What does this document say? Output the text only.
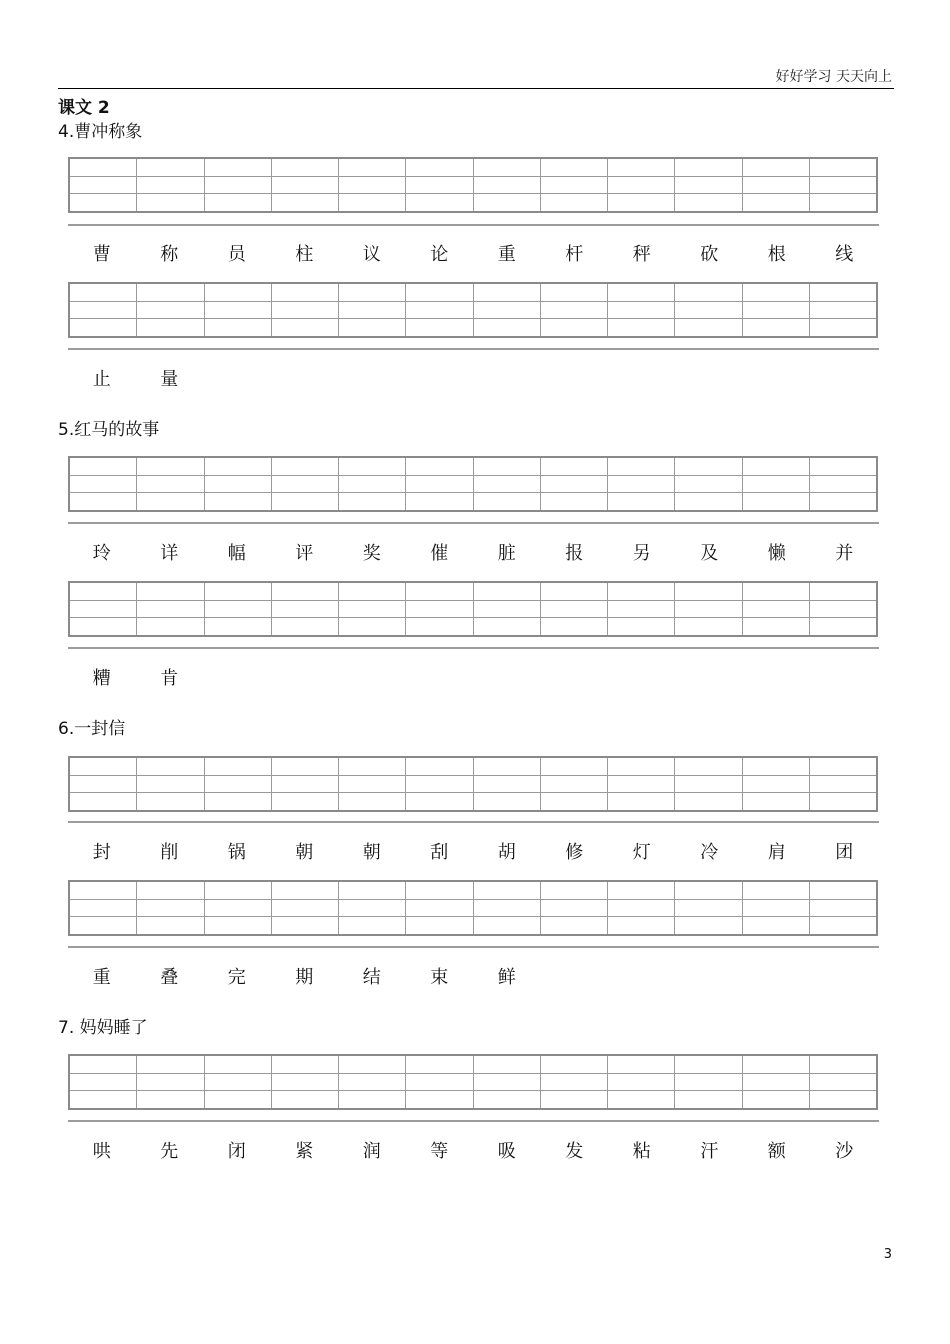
好好学习 天天向上
课文 2
4.曹冲称象
曹	称	员	柱	议	论	重	杆	秤	砍	根	线
止	量
5.红马的故事
玲	详	幅	评	奖	催	脏	报	另	及	懒	并
糟	肯
6.一封信
封	削	锅	朝	朝	刮	胡	修	灯	冷	肩	团
重	叠	完	期	结	束	鲜
7. 妈妈睡了
哄	先	闭	紧	润	等	吸	发	粘	汗	额	沙
3
